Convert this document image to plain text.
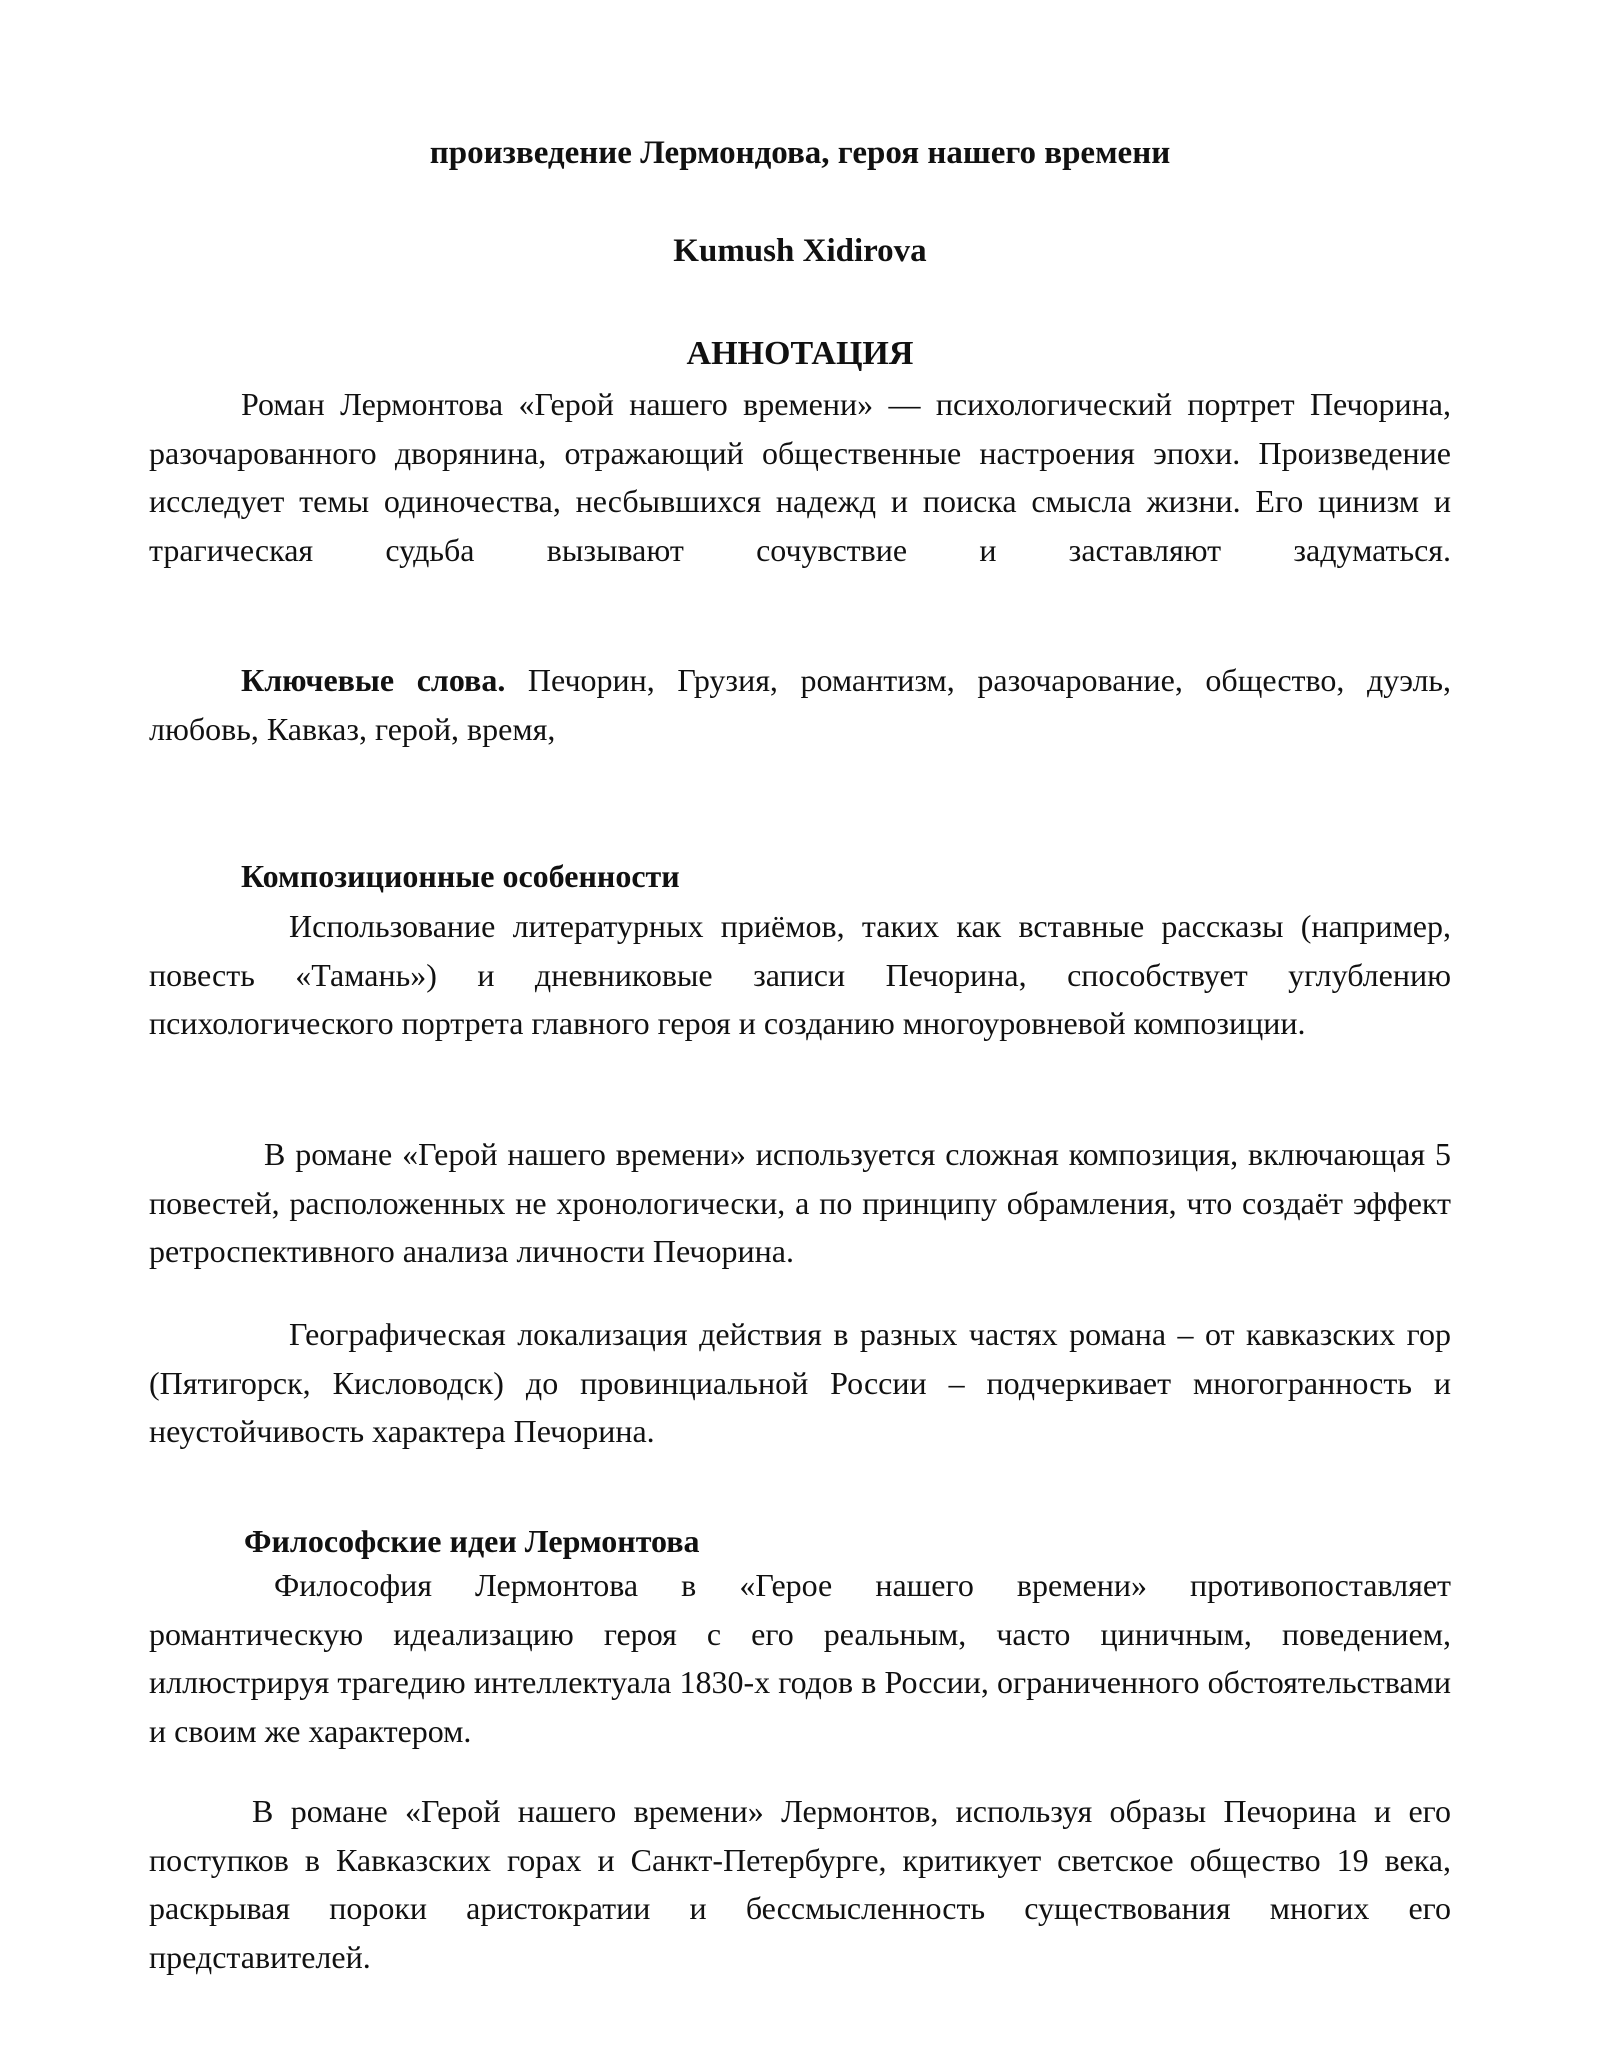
произведение Лермондова, героя нашего времени

Kumush Xidirova

АННОТАЦИЯ

Роман Лермонтова «Герой нашего времени» — психологический портрет Печорина, разочарованного дворянина, отражающий общественные настроения эпохи. Произведение исследует темы одиночества, несбывшихся надежд и поиска смысла жизни. Его цинизм и трагическая судьба вызывают сочувствие и заставляют задуматься.

Ключевые слова. Печорин, Грузия, романтизм, разочарование, общество, дуэль, любовь, Кавказ, герой, время,

Композиционные особенности

Использование литературных приёмов, таких как вставные рассказы (например, повесть «Тамань») и дневниковые записи Печорина, способствует углублению психологического портрета главного героя и созданию многоуровневой композиции.

В романе «Герой нашего времени» используется сложная композиция, включающая 5 повестей, расположенных не хронологически, а по принципу обрамления, что создаёт эффект ретроспективного анализа личности Печорина.

Географическая локализация действия в разных частях романа – от кавказских гор (Пятигорск, Кисловодск) до провинциальной России – подчеркивает многогранность и неустойчивость характера Печорина.

Философские идеи Лермонтова

Философия Лермонтова в «Герое нашего времени» противопоставляет романтическую идеализацию героя с его реальным, часто циничным, поведением, иллюстрируя трагедию интеллектуала 1830-х годов в России, ограниченного обстоятельствами и своим же характером.

В романе «Герой нашего времени» Лермонтов, используя образы Печорина и его поступков в Кавказских горах и Санкт-Петербурге, критикует светское общество 19 века, раскрывая пороки аристократии и бессмысленность существования многих его представителей.
